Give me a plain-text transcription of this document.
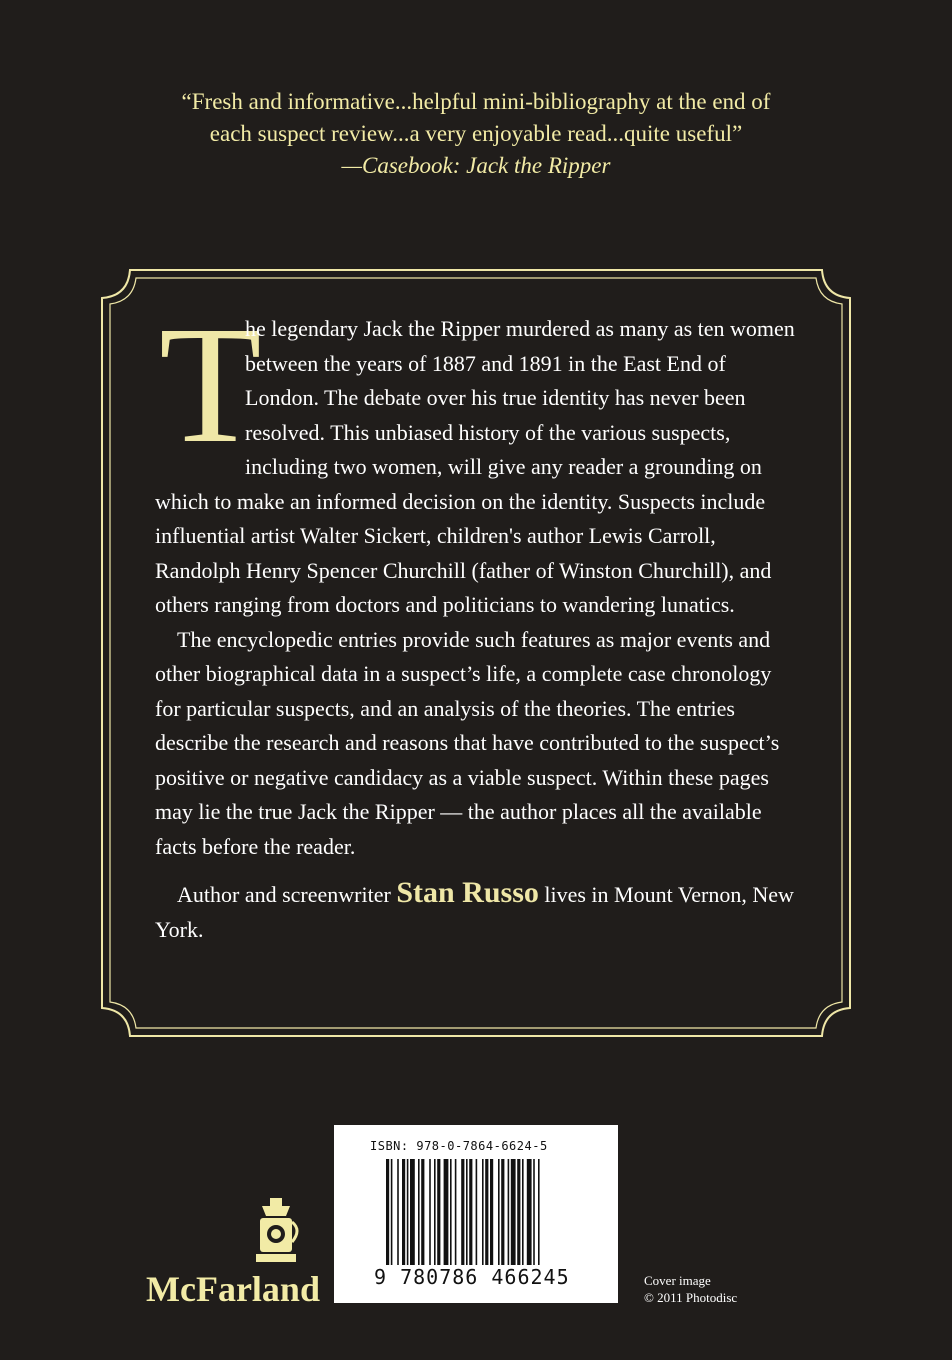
“Fresh and informative...helpful mini-bibliography at the end of
each suspect review...a very enjoyable read...quite useful”
—Casebook: Jack the Ripper

T
he legendary Jack the Ripper murdered as many as ten women between the years of 1887 and 1891 in the East End of London. The debate over his true identity has never been resolved. This unbiased history of the various suspects, including two women, will give any reader a grounding on which to make an informed decision on the identity. Suspects include influential artist Walter Sickert, children's author Lewis Carroll, Randolph Henry Spencer Churchill (father of Winston Churchill), and others ranging from doctors and politicians to wandering lunatics.

The encyclopedic entries provide such features as major events and other biographical data in a suspect’s life, a complete case chronology for particular suspects, and an analysis of the theories. The entries describe the research and reasons that have contributed to the suspect’s positive or negative candidacy as a viable suspect. Within these pages may lie the true Jack the Ripper — the author places all the available facts before the reader.

Author and screenwriter Stan Russo lives in Mount Vernon, New York.

ISBN: 978-0-7864-6624-5
9 780786 466245
McFarland	Cover image
© 2011 Photodisc
